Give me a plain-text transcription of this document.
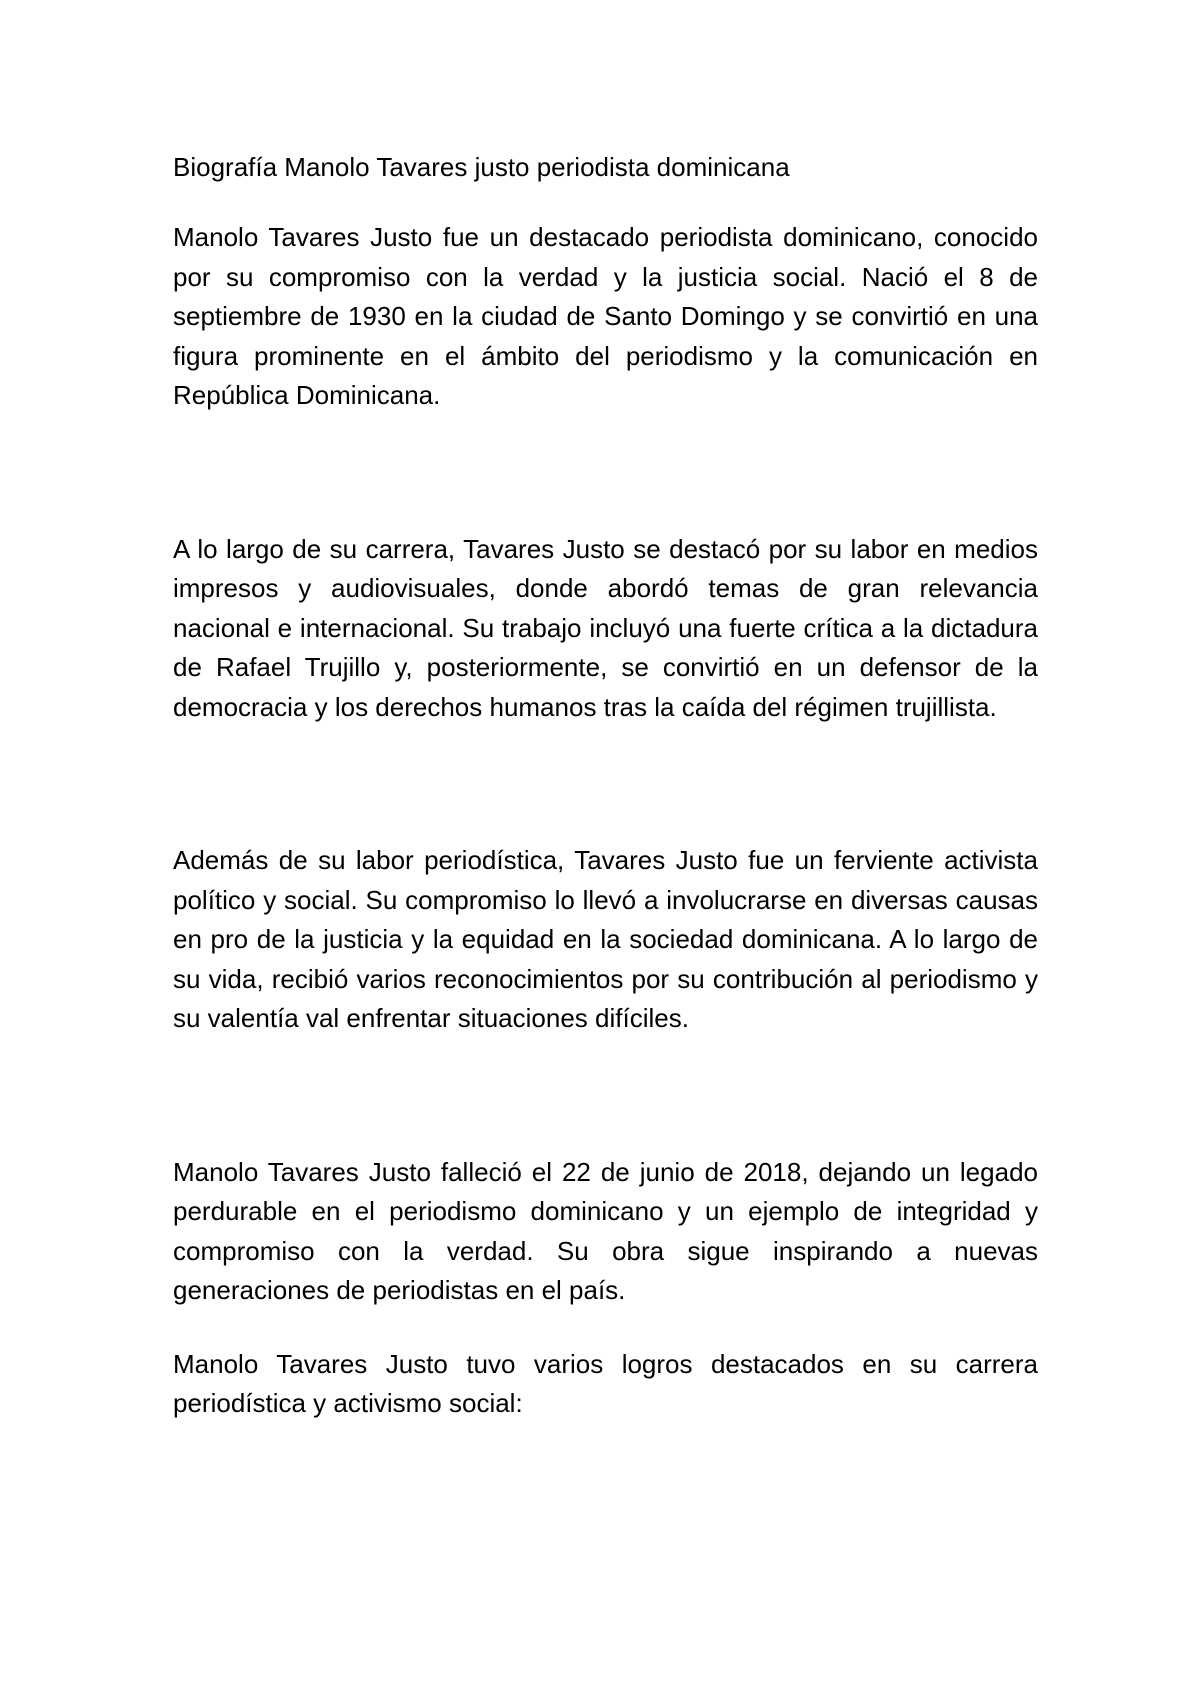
Biografía Manolo Tavares justo periodista dominicana

Manolo Tavares Justo fue un destacado periodista dominicano, conocido por su compromiso con la verdad y la justicia social. Nació el 8 de septiembre de 1930 en la ciudad de Santo Domingo y se convirtió en una figura prominente en el ámbito del periodismo y la comunicación en República Dominicana.

A lo largo de su carrera, Tavares Justo se destacó por su labor en medios impresos y audiovisuales, donde abordó temas de gran relevancia nacional e internacional. Su trabajo incluyó una fuerte crítica a la dictadura de Rafael Trujillo y, posteriormente, se convirtió en un defensor de la democracia y los derechos humanos tras la caída del régimen trujillista.

Además de su labor periodística, Tavares Justo fue un ferviente activista político y social. Su compromiso lo llevó a involucrarse en diversas causas en pro de la justicia y la equidad en la sociedad dominicana. A lo largo de su vida, recibió varios reconocimientos por su contribución al periodismo y su valentía val enfrentar situaciones difíciles.

Manolo Tavares Justo falleció el 22 de junio de 2018, dejando un legado perdurable en el periodismo dominicano y un ejemplo de integridad y compromiso con la verdad. Su obra sigue inspirando a nuevas generaciones de periodistas en el país.

Manolo Tavares Justo tuvo varios logros destacados en su carrera periodística y activismo social:
